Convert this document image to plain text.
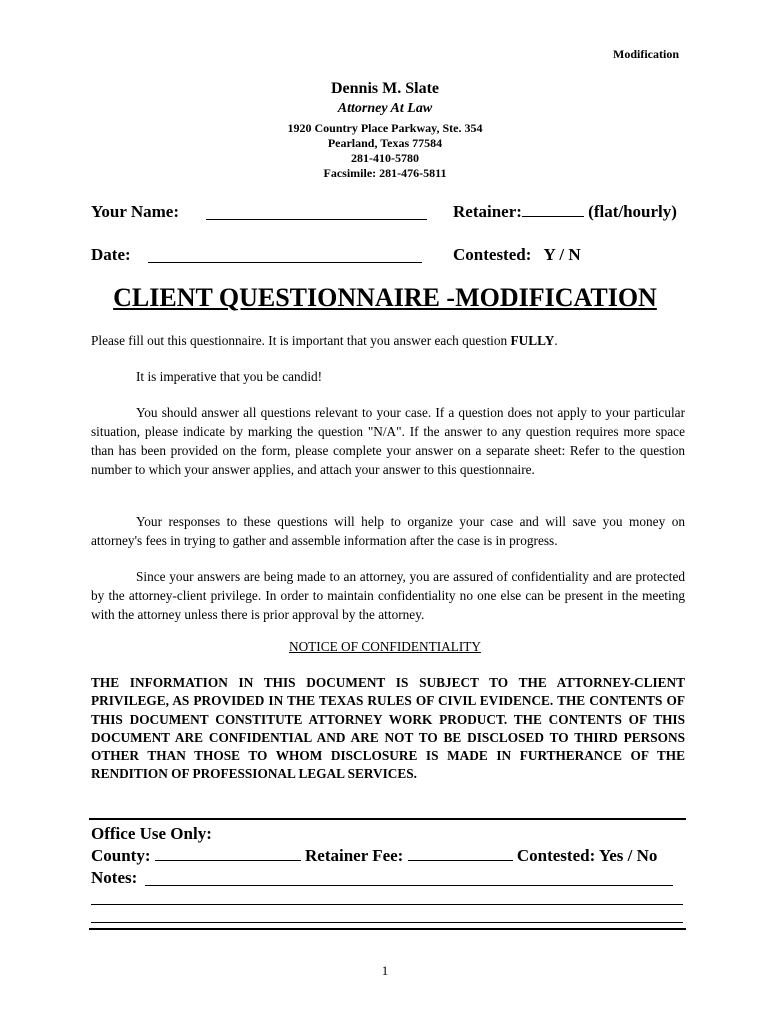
Modification
Dennis M. Slate
Attorney At Law
1920 Country Place Parkway, Ste. 354
Pearland, Texas 77584
281-410-5780
Facsimile: 281-476-5811
Your Name:	Retainer:	(flat/hourly)
Date:	Contested: Y / N
CLIENT QUESTIONNAIRE -MODIFICATION
Please fill out this questionnaire. It is important that you answer each question FULLY.
It is imperative that you be candid!
You should answer all questions relevant to your case. If a question does not apply to your particular situation, please indicate by marking the question "N/A". If the answer to any question requires more space than has been provided on the form, please complete your answer on a separate sheet: Refer to the question number to which your answer applies, and attach your answer to this questionnaire.
Your responses to these questions will help to organize your case and will save you money on attorney's fees in trying to gather and assemble information after the case is in progress.
Since your answers are being made to an attorney, you are assured of confidentiality and are protected by the attorney-client privilege. In order to maintain confidentiality no one else can be present in the meeting with the attorney unless there is prior approval by the attorney.
NOTICE OF CONFIDENTIALITY
THE INFORMATION IN THIS DOCUMENT IS SUBJECT TO THE ATTORNEY-CLIENT PRIVILEGE, AS PROVIDED IN THE TEXAS RULES OF CIVIL EVIDENCE. THE CONTENTS OF THIS DOCUMENT CONSTITUTE ATTORNEY WORK PRODUCT. THE CONTENTS OF THIS DOCUMENT ARE CONFIDENTIAL AND ARE NOT TO BE DISCLOSED TO THIRD PERSONS OTHER THAN THOSE TO WHOM DISCLOSURE IS MADE IN FURTHERANCE OF THE RENDITION OF PROFESSIONAL LEGAL SERVICES.
Office Use Only:
County:	Retainer Fee:	Contested: Yes / No
Notes:
1
